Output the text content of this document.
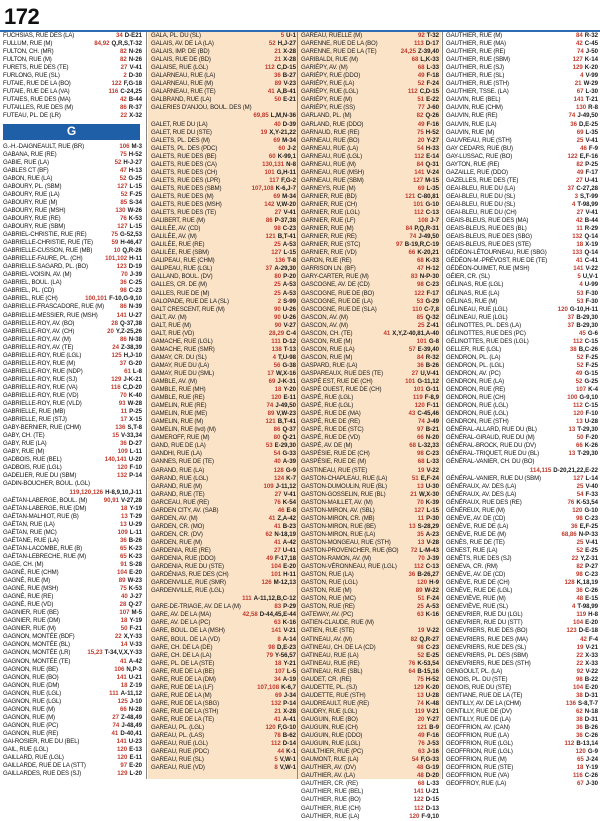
172
FUCHSIAS, RUE DES (LA)	34 D-E21
FULLUM, RUE (M)	84,92 Q,R,S,T-32
FULTON, CH. (MR)	82 N-26
FULTON, RUE (M)	82 N-26
FURETS, RUE DES (TE)	27 V-41
FURLONG, RUE (SL)	2 D-30
FUTAIE, RUE DE LA (BO)	122 F,G-18
FUTAIE, RUE DE LA (VA)	116 C-24,25
FUTAIES, RUE DES (MA)	42 B-44
FUTAILLES, RUE DES (M)	86 R-37
FUTEAU, PL. DE (LR)	22 X-32
G
G.-H.-DAIGNEAULT, RUE (BR)	106 M-3
GABANA, RUE (RE)	75 H-52
GABIE, RUE (LA)	52 H-J-27
GABLES CT (BF)	47 H-13
GABON, RUE (LA)	52 G-25
GABOURY, PL. (SBM)	127 L-15
GABOURY, RUE (LA)	52 F-25
GABOURY, RUE (M)	85 S-34
GABOURY, RUE (MSH)	130 W-26
GABOURY, RUE (RE)	76 K-53
GABOURY, RUE (SBM)	127 L-15
GABRIEL-CHRISTIE, RUE (RE)	75 G-52,53
GABRIELLE-CHRISTIE, RUE (TE)	59 H-46,47
GABRIELLE-CUSSON, RUE (MB)	10 Q,R-26
GABRIELLE-FAURE, PL. (CH)	101,102 H-11
GABRIELLE-SAGARD, PL. (BO)	123 D-19
GABRIEL-VOISIN, AV. (M)	70 J-39
GABRIEL, BOUL. (LA)	36 C-25
GABRIEL, PL. (CD)	98 C-23
GABRIEL, RUE (CH)	100,101 F-10,G-9,10
GABRIELLE-FRASCADORE, RUE (M)	86 N-39
GABRIELLE-MESSIER, RUE (MSH)	141 U-27
GABRIELLE-ROY, AV. (BO)	28 Q-37,38
GABRIELLE-ROY, AV. (CH)	20 Y,Z-25,26
GABRIELLE-ROY, AV. (M)	86 N-38
GABRIELLE-ROY, AV. (TE)	24 Z-38,39
GABRIELLE-ROY, RUE (LGL)	125 H,J-10
GABRIELLE-ROY, RUE (M)	37 G-20
GABRIELLE-ROY, RUE (NDP)	61 L-8
GABRIELLE-ROY, RUE (SJ)	129 J-K-21
GABRIELLE-ROY, RUE (VA)	116 C,D-20
GABRIELLE-ROY, RUE (VD)	70 K-40
GABRIELLE-ROY, RUE (VLD)	93 W-28
GABRIELLE, RUE (MB)	11 P-25
GABRIELLE, RUE (STJ)	17 X-15
GABY-BERNIER, RUE (CHM)	136 S,T-8
GABY, CH. (TE)	15 V-33,34
GABY, RUE (LA)	36 D-27
GABY, RUE (M)	109 L-11
GADBOIS, RUE (BEL)	140,141 U-20
GADBOIS, RUE (LGL)	120 F-10
GADELIER, RUE DU (SBM)	132 P-14
GADIN-BOUCHER, BOUL. (LGL)
119,120,126 H-8,9,10,J-11
GAËTAN-LABERGE, BOUL. (M)	90,91 V-27,28
GAËTAN-LABERGE, RUE (DM)	18 Y-19
GAËTAN-MALHIOT, RUE (B)	13 T-29
GAËTAN, RUE (LA)	13 U-29
GAËTAN, RUE (MC)	109 L-11
GAËTANE, RUE (LA)	36 B-26
GAËTAN-LACOMBE, RUE (B)	65 K-23
GAËTAN-LEBRECHE, RUE (M)	65 K-23
GAGE, CH. (M)	91 S-28
GAGNÉ, RUE (CHM)	104 E-20
GAGNÉ, RUE (M)	89 W-23
GAGNÉ, RUE (MSH)	75 K-53
GAGNÉ, RUE (RE)	40 J-27
GAGNÉ, RUE (VD)	28 Q-27
GAGNIER, RUE (BE)	107 M-5
GAGNIER, RUE (DM)	18 Y-19
GAGNIER, RUE (M)	50 F-21
GAGNON, MONTÉE (BDF)	22 X,Y-33
GAGNON, MONTÉE (BL)	14 V-33
GAGNON, MONTÉE (LR)	15,23 T-34,V,X,Y-33
GAGNON, MONTÉE (TE)	41 A-42
GAGNON, RUE (BE)	106 N,P-3
GAGNON, RUE (BO)	141 U-21
GAGNON, RUE (DM)	18 Z-19
GAGNON, RUE (LGL)	111 A-11,12
GAGNON, RUE (LGL)	125 J-10
GAGNON, RUE (M)	66 N-28
GAGNON, RUE (M)	27 Z-48,49
GAGNON, RUE (PC)	74 J-48,49
GAGNON, RUE (RE)	41 D-40,41
GAI-ROSIER, RUE DU (BEL)	141 U-23
GAIL, RUE (LGL)	120 E-13
GAILLARD, RUE (LGL)	120 E-11
GAILLARDE, RUE DE LA (STT)	97 E-20
GAILLARDES, RUE DES (SJ)	129 L-20
GALA, PL. DU (SL)	5 U-1
GALAIS, AV. DE LA (LA)	52 H,J-27
GALAIS, IMP. DE (BD)	21 X-28
GALAIS, RUE DE (BD)	21 X-28
GALAISE, RUE (LGL)	112 C,D-15
GALARNEAU, RUE (LA)	36 B-27
GALARNEAU, RUE (M)	89 V-23
GALARNEAU, RUE (TE)	41 A,B-41
GALBRAND, RUE (LA)	50 E-21
GALERIES D'ANJOU, BOUL. DES (M)
69,85 L,M,N-36
GALET, RUE DU (LA)	40 D-39
GALET, RUE DU (STE)	19 X,Y-21,22
GALETS, PL. DES (M)	69 M-34
GALETS, PL. DES (PDC)	60 J-2
GALETS, RUE DES (BE)	60 K-99,1
GALETS, RUE DES (CA)	130,131 N-8
GALETS, RUE DES (CH)	101 G,H-11
GALETS, RUE DES (LPR)	117 F,G-2
GALETS, RUE DES (SBM)	107,108 K-6,J-7
GALETS, RUE DES (M)	69 M-34
GALETS, RUE DES (MSH)	142 V,W-20
GALETS, RUE DES (TE)	27 V-41
GALIBERT, RUE (M)	86 P-37,38
GALILÉE, AV. (CD)	98 C-23
GALILÉE, AV. (M)	121 B,T-41
GALILÉE, RUE (RE)	25 A-53
GALILÉE, RUE (SBM)	127 L-15
GALIPEAU, RUE (CHM)	136 T-8
GALIPEAU, RUE (LGL)	37 A-29,30
GALLAND, BOUL. (DV)	80 P-20
GALLES, CR. DE (M)	25 A-53
GALLES, RUE DE (M)	25 A-53
GALOPADE, RUE DE LA (SL)	2 S-99
GALT CRESCENT, RUE (M)	90 U-26
GALT, AV. (M)	90 U-26
GALT, RUE (M)	90 V-27
GALT, RUE (VD)	28,29 C-4
GAMACHE, RUE (LGL)	111 D-12
GAMACHE, RUE (SMR)	138 T-13
GAMAY, CR. DU (SL)	4 T,U-98
GAMAY, RUE DU (LA)	56 G-38
GAMAY, RUE DU (SML)	17 W,X-16
GAMBLE, AV. (M)	69 J-K-31
GAMBLE, RUE (MH)	18 Y-20
GAMBLE, RUE (RE)	120 E-11
GAMELIN, RUE (RE)	74 J-49,50
GAMELIN, RUE (ME)	89 V,W-23
GAMELIN, RUE (M)	121 B,T-41
GAMELIN, RUE (lvd) (M)	86 Q-37
GAMEROFF, RUE (M)	80 Q-21
GAND, RUE DE (LA)	53 E-29,30
GANDHI, RUE (LA)	54 G-33
GANNES, RUE DE (TE)	40 A-39
GARAND, RUE (LA)	128 G-9
GARAND, RUE (LGL)	124 K-7
GARAND, RUE (M)	109 J-11,12
GARAND, RUE (TE)	27 V-41
GARCEAU, RUE (RE)	76 K-54
GARDEN CITY, AV. (SAB)	46 E-8
GARDEN, AV. (M)	41 Z,A-42
GARDEN, CR. (MO)	41 B-23
GARDEN, CR. (DV)	62 N-18,19
GARDEN, RUE (M)	41 A-42
GARDENIA, RUE (RE)	27 U-41
GARDENIA, RUE (DDO)	49 F-17,18
GARDENIA, RUE DU (STE)	104 E-20
GARDÉNIAS, RUE DES (CH)	101 H-11
GARDENVILLE, RUE (SMR)	126 M-12,13
GARDENVILLE, RUE (LGL)
111 A-11,12,B,C-12
GARE-DE-TRIAGE, AV. DE LA (M)	83 P-29
GARE, AV. DE LA (MA)	42,58 D-44,45,E-44
GARE, AV. DE LA (PC)	63 K-16
GARE, BOUL. DE LA (MSH)	141 V-21
GARE, BOUL. DE LA (VD)	8 A-14
GARE, CH. DE LA (DE)	98 D,E-23
GARE, CH. DE LA (LA)	79 Y-56,57
GARE, PL. DE LA (STE)	18 Y-21
GARE, RUE DE LA (BE)	107 L-5
GARE, RUE DE LA (DM)	34 A-19
GARE, RUE DE LA (LF)	107,108 K-6,7
GARE, RUE DE LA (M)	69 J-34
GARE, RUE DE LA (SBG)	132 P-14
GARE, RUE DE LA (STH)	21 X-28
GARE, RUE DE LA (TE)	41 A-41
GAREAU, PL. (LGL)	120 F,G-10
GAREAU, PL. (LAS)	78 B-62
GAREAU, RUE (LGL)	112 D-14
GAREAU, RUE (PDC)	44 K-1
GAREAU, RUE (SL)	5 V,W-1
GAREAU, RUE (VD)	8 V,W-1
GAREAU, RUELLE (M)	92 T-32
GARENNE, RUE DE LA (BO)	113 D-17
GARENNE, RUE DE LA (TE)	24,25 Z-39,40
GARIBALDI, RUE (M)	68 L,K-33
GARIÉPY, AV. (M)	68 L-33
GARIÉPY, RUE (DDO)	49 F-18
GARIÉPY, RUE (LA)	52 F-24
GARIÉPY, RUE (LGL)	112 C,D-15
GARIÉPY, RUE (M)	51 E-22
GARIÉPY, RUE (SS)	77 J-60
GARLAND, PL. (M)	82 Q-26
GARLAND, RUE (DDO)	49 F-16
GARNAUD, RUE (RE)	75 H-52
GARNEAU, RUE (BO)	20 Y-27
GARNEAU, RUE (LA)	54 H-33
GARNEAU, RUE (LGL)	112 E-14
GARNEAU, RUE (M)	84 Q-31
GARNEAU, RUE (MSH)	141 V-24
GARNEAU, RUE (SBM)	127 M-15
GARNEYS, RUE (M)	69 L-35
GARNIER, RUE (BD)	121 C-80,81
GARNIER, RUE (CH)	101 G-10
GARNIER, RUE (LGL)	112 C-13
GARNIER, RUE (LF)	108 J-7
GARNIER, RUE (M)	84 P,Q,R-31
GARNIER, RUE (RE)	74 J-49,50
GARNIER, RUE (STC)	97 B-19,R,C-19
GARNIER, RUE (VD)	66 K-20,21
GARON, RUE (RE)	68 K-33
GARRISON LN. (BF)	47 H-12
GARY-CARTER, RUE (M)	83 N-P-30
GASCOGNE, AV. DE (CD)	98 C-23
GASCOGNE, RUE DE (BO)	122 F-17
GASCOGNE, RUE DE (LA)	53 G-29
GASCOGNE, RUE DE (SLA)	110 C-7,8
GASCON, AV. (M)	85 Q-32
GASCON, AV. (M)	25 Z-41
GASCON, CH. (TE)	41 X,Y,Z-40,81,A-40
GASCON, RUE (M)	101 G-8
GASCON, RUE (LA)	57 E-39,40
GASCON, RUE (M)	84 R-32
GASPARD, RUE (LA)	36 B-26
GASPAREAUX, RUE DES (TE)	27 U,V-41
GASPÉ EST, RUE DE (CH)	101 G-11,12
GASPÉ OUEST, RUE DE (CH)	101 G-11
GASPÉ, RUE (LGL)	119 F-8,9
GASPÉ, RUE (LGL)	120 F-11
GASPÉ, RUE DE (MA)	43 C-45,46
GASPÉ, RUE DE (RE)	74 J-49
GASPÉ, RUE DE (STC)	97 B-21
GASPÉ, RUE DE (VD)	66 N-20
GASPÉ, AV. DE (M)	68 L-32,33
GASPÉSIE, RUE DE (CH)	98 C-23
GASPÉSIE, RUE DE (M)	68 L-33
GASTINEAU, RUE (STE)	19 V-22
GASTON-CHAPLEAU, RUE (LA)	51 E,F-24
GASTON-DUMOULIN, RUE (BL)	13 U-30
GASTON-GOSSELIN, RUE (BL)	21 W,X-30
GASTON-MAILLET, AV. (M)	70 K-39
GASTON-MIRON, AV. (SBL)	127 L-15
GASTON-MIRON, CR. (MB)	11 P-30
GASTON-MIRON, RUE (BE)	13 S-28,29
GASTON-MIRON, RUE (LA)	35 A-23
GASTON-MONGEAU, RUE (STH)	13 V-28
GASTON-PROVENCHER, RUE (BO)	72 L-M-43
GASTON-RAMON, AV. (M)	70 J-39
GASTON-VÉRONNEAU, RUE (LGL)	112 C-13
GASTON, RUE (LA)	36 B-26,27
GASTON, RUE (LGL)	120 H-9
GASTON, RUE (M)	89 W-22
GASTON, RUE (MC)	51 F-24
GASTON, RUE (RE)	25 A-53
GATEWAY, AV. (PC)	63 K-16
GATIEN-CLAUDE, RUE (M)
GATIEN, RUE (STE)	19 V-22
GATINEAU, AV. (M)	82 Q,R-27
GATINEAU, CH. DE LA (CD)	98 C-23
GATINEAU, RUE (LA)	52 E-25
GATINEAU, RUE (RE)	76 K-53,54
GATINEAU, RUE (SBL)	64 B-15,16
GAUDET, CR. (RE)	75 H-52
GAUDETTE, PL. (SJ)	129 K-20
GAUDETTE, RUE (STH)	13 U-28
GAUDREAULT, RUE (RE)	74 K-48
GAUDRY, RUE (LGL)	119 V-21
GAUGUIN, RUE (BO)	20 Y-27
GAUGUIN, RUE (CH)	121 B-9
GAUGUIN, RUE (DDO)	49 F-16
GAUGUIN, RUE (LGL)	76 J-53
GAULTHIER, RUE (PC)	63 J-16
GAUMONT, RUE (LA)	54 F,G-33
GAUTHIER, AV. (DV)	48 G-19
GAUTHIER, AV. (LA)	48 D-20
GAUTHIER, CR. (RE)	68 L-33
GAUTHIER, RUE (BEL)	141 U-21
GAUTHIER, RUE (BO)	122 D-15
GAUTHIER, RUE (CH)	112 D-13
GAUTHIER, RUE (LA)	120 F-9,10
GAUTHIER, RUE (M)	84 R-32
GAUTHIER, RUE (MA)	42 C-45
GAUTHIER, RUE (RE)	74 J-50
GAUTHIER, RUE (SBM)	127 K-14
GAUTHIER, RUE (SJ)	129 K-20
GAUTHIER, RUE (SL)	4 V-99
GAUTHIER, RUE (STH)	21 W-29
GAUTHIER, TSSE. (LA)	67 L-30
GAUVIN, RUE (BEL)	141 T-21
GAUVIN, RUE (CHM)	130 R-8
GAUVIN, RUE (RE)	74 J-49,50
GAUVIN, RUE (LA)	36 D,E-25
GAUVIN, RUE (M)	69 L-35
GAUVREAU, RUE (STH)	25 V-41
GAY CEDARS, RUE (BU)	46 F-9
GAY-LUSSAC, RUE (BO)	122 E,F-16
GAYTON, RUE (RE)	82 P-25
GAZAILLE, RUE (DDO)	49 F-17
GAZELLES, RUE DES (TE)	27 U-41
GEAI-BLEU, RUE DU (LA)	37 C-27,28
GEAI-BLEU, RUE DU (SL)	3 S,T-99
GEAI-BLEU, RUE DU (SL)	4 T-98,99
GEAI-BLEU, RUE DU (CH)	27 V-41
GEAIS-BLEUS, RUE DES (MA)	42 B-44
GEAIS-BLEUS, RUE DES (BL)	11 R-29
GEAIS-BLEUS, RUE DES (SBG)	132 Q-14
GEAIS-BLEUS, RUE DES (STE)	18 X-19
GÉDÉON-LÉTOURNEAU, RUE (SBG)	133 Q-14
GÉDÉON-M.-PRÉVOST, RUE DE (TE)	41 C-41
GÉDÉON-OUIMET, RUE (MSH)	141 V-22
GÉIER, CR. (SL)	5 U,V-1
GÉLINAS, RUE (LGL)	4 U-99
GÉLINAS, RUE (LA)	53 F-30
GÉLINAS, RUE (M)	53 F-30
GÉLINEAU, RUE (LGL)	120 G-10,H-11
GÉLINEAU, RUE (LGL)	37 B-29,30
GÉLINOTTES, PL. DES (LA)	37 B-29,30
GÉLINOTTES, RUE DES (PC)	45 G-6
GÉLINOTTES, RUE DES (LGL)	112 C-15
GELLER, RUE (LGL)	38 B,C-26
GENDRON, PL. (LA)	52 F-25
GENDRON, PL. (LGL)	52 F-25
GENDRON, AV. (PC)	49 G-15
GENDRON, RUE (LA)	52 G-25
GENDRON, RUE (RE)	107 K-4
GENDRON, RUE (CH)	100 G-9,10
GENDRON, RUE (LGL)	112 C-15
GENDRON, RUE (LGL)	120 F-10
GENDRON, RUE (STH)	13 U-28
GÉNÉRAL-ALLARD, RUE DU (BL)	13 T-29,30
GÉNÉRAL-GIRAUD, RUE DU (M)	50 F-20
GÉNÉRAL-BROCK, RUE DU (DV)	66 K-26
GÉNÉRAL-TRIQUET, RUE DU (BL)	13 T-29,30
GÉNÉRAL-VANIER, CH. DU (BO)
114,115 D-20,21,22,E-22
GÉNÉRAL-VANIER, RUE DU (SBM)	127 L-14
GÉNÉRAUX, AV. DES (LA)	25 V-40
GÉNÉRAUX, AV. DES (LA)	54 F-33
GÉNÉRAUX, RUE DES (RE)	76 K-53,54
GÉNÉREUX, RUE (M)	120 G-10
GENÈVE, AV. DE (CD)	98 C-23
GENÈVE, RUE DE (LA)	36 E,F-25
GENÈVE, RUE DE (M)	68,86 N-P-33
GENÈS, RUE DE (TE)	25 V-41
GENEST, RUE (LA)	52 E-25
GENÊTS, RUE DES (SJ)	22 Y,Z-31
GENEVA, CR. (RM)	82 P-27
GENÈVE, AV. DE (CD)	98 C-23
GENÈVE, RUE DE (CH)	128 K,18,19
GENÈVE, RUE DE (LGL)	36 C-26
GENEVIÈVE, RUE (M)	48 E-15
GENEVIÈVE, RUE (SL)	4 T-98,99
GENEVRIER, RUE DU (LGL)	119 H-8
GENEVRIER, RUE DU (STT)	104 E-20
GENEVRIERS, RUE DES (BO)	123 D-E-18
GENEVRIERS, RUE DES (MA)	42 F-4
GENEVRIERS, RUE DES (SL)	19 V-21
GENEVRIERS, PL. DES (SBM)	22 X-33
GENEVRIERS, RUE DES (STH)	22 X-33
GENGOULT, PL. (LA)	92 V-22
GENOIS, PL. DU (STE)	98 B-22
GENOIS, RUE DU (STE)	104 E-20
GENTIANE, RUE DE LA (TE)	38 D-31
GENTILLY, AV. DE LA (CHM)	136 S-8,T-7
GENTILLY, RUE DE (DV)	62 N-18
GENTILLY, RUE DE (LA)	38 D-31
GEOFFRION, AV. (CAN)	36 B-26
GEOFFRION, RUE (LA)	36 C-26
GEOFFRION, RUE (LGL)	112 B-13,14
GEOFFRION, RUE (LGL)	120 G-9
GEOFFRION, RUE (M)	65 J-24
GEOFFRION, RUE (STE)	18 Y-19
GEOFFRION, RUE (VA)	116 C-26
GEOFFROY, RUE (LA)	67 J-30
